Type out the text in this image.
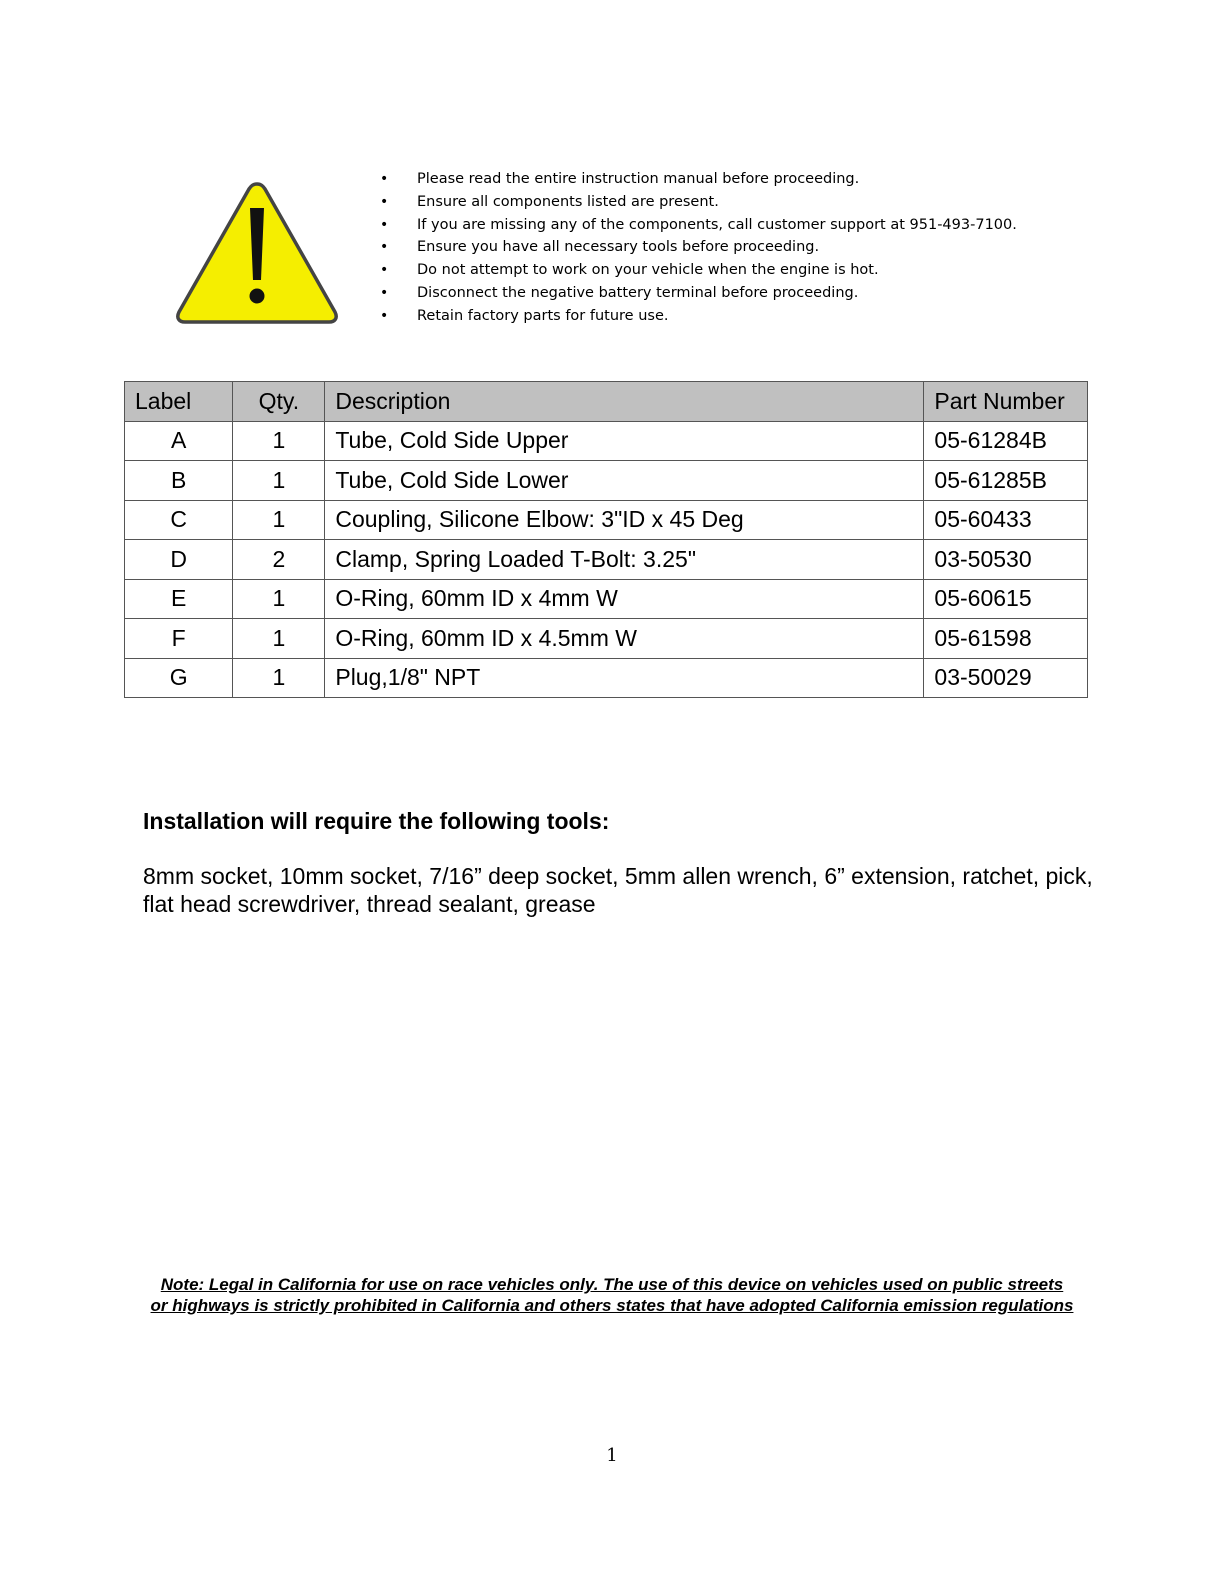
• Please read the entire instruction manual before proceeding.
• Ensure all components listed are present.
• If you are missing any of the components, call customer support at 951-493-7100.
• Ensure you have all necessary tools before proceeding.
• Do not attempt to work on your vehicle when the engine is hot.
• Disconnect the negative battery terminal before proceeding.
• Retain factory parts for future use.
Label	Qty.	Description	Part Number
A	1	Tube, Cold Side Upper	05-61284B
B	1	Tube, Cold Side Lower	05-61285B
C	1	Coupling, Silicone Elbow: 3"ID x 45 Deg	05-60433
D	2	Clamp, Spring Loaded T-Bolt: 3.25"	03-50530
E	1	O-Ring, 60mm ID x 4mm W	05-60615
F	1	O-Ring, 60mm ID x 4.5mm W	05-61598
G	1	Plug,1/8" NPT	03-50029
Installation will require the following tools:

8mm socket, 10mm socket, 7/16” deep socket, 5mm allen wrench, 6” extension, ratchet, pick, flat head screwdriver, thread sealant, grease

Note: Legal in California for use on race vehicles only. The use of this device on vehicles used on public streets or highways is strictly prohibited in California and others states that have adopted California emission regulations

1
